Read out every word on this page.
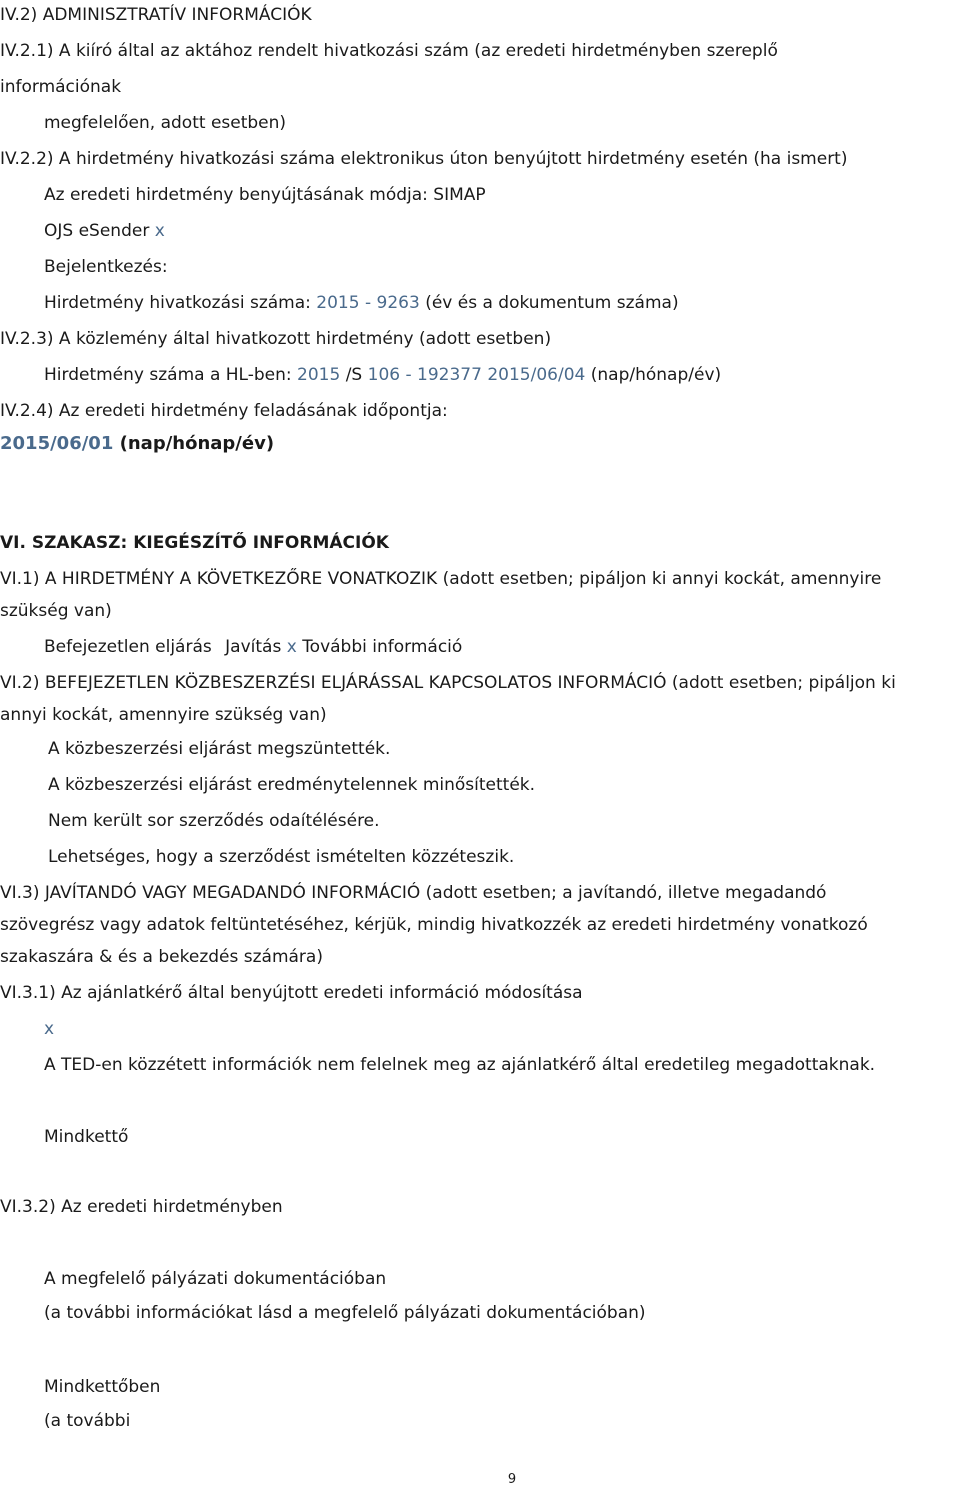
IV.2) ADMINISZTRATÍV INFORMÁCIÓK
IV.2.1) A kiíró által az aktához rendelt hivatkozási szám (az eredeti hirdetményben szereplő
információnak
megfelelően, adott esetben)
IV.2.2) A hirdetmény hivatkozási száma elektronikus úton benyújtott hirdetmény esetén (ha ismert)
Az eredeti hirdetmény benyújtásának módja: SIMAP
OJS eSender x
Bejelentkezés:
Hirdetmény hivatkozási száma: 2015 - 9263 (év és a dokumentum száma)
IV.2.3) A közlemény által hivatkozott hirdetmény (adott esetben)
Hirdetmény száma a HL-ben: 2015 /S 106 - 192377 2015/06/04 (nap/hónap/év)
IV.2.4) Az eredeti hirdetmény feladásának időpontja:
2015/06/01 (nap/hónap/év)
VI. SZAKASZ: KIEGÉSZÍTŐ INFORMÁCIÓK
VI.1) A HIRDETMÉNY A KÖVETKEZŐRE VONATKOZIK (adott esetben; pipáljon ki annyi kockát, amennyire
szükség van)
Befejezetlen eljárás Javítás x További információ
VI.2) BEFEJEZETLEN KÖZBESZERZÉSI ELJÁRÁSSAL KAPCSOLATOS INFORMÁCIÓ (adott esetben; pipáljon ki
annyi kockát, amennyire szükség van)
A közbeszerzési eljárást megszüntették.
A közbeszerzési eljárást eredménytelennek minősítették.
Nem került sor szerződés odaítélésére.
Lehetséges, hogy a szerződést ismételten közzéteszik.
VI.3) JAVÍTANDÓ VAGY MEGADANDÓ INFORMÁCIÓ (adott esetben; a javítandó, illetve megadandó
szövegrész vagy adatok feltüntetéséhez, kérjük, mindig hivatkozzék az eredeti hirdetmény vonatkozó
szakaszára & és a bekezdés számára)
VI.3.1) Az ajánlatkérő által benyújtott eredeti információ módosítása
x
A TED-en közzétett információk nem felelnek meg az ajánlatkérő által eredetileg megadottaknak.
Mindkettő
VI.3.2) Az eredeti hirdetményben
A megfelelő pályázati dokumentációban
(a további információkat lásd a megfelelő pályázati dokumentációban)
Mindkettőben
(a további
9
